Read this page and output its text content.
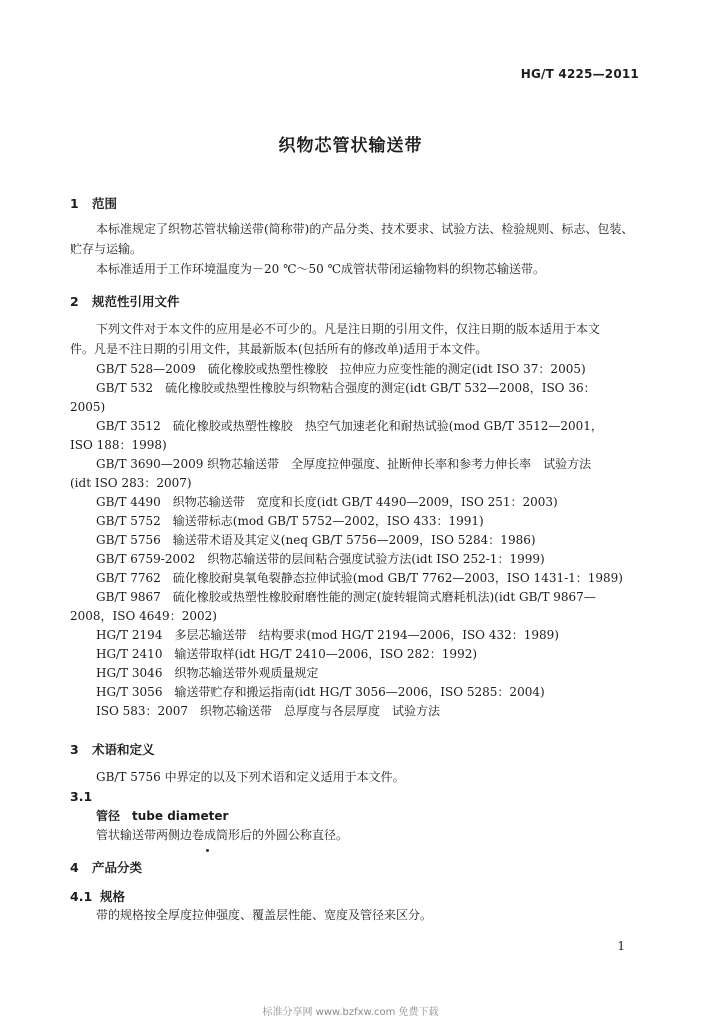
HG/T 4225—2011
织物芯管状输送带
1 范围
本标准规定了织物芯管状输送带(简称带)的产品分类、技术要求、试验方法、检验规则、标志、包装、
贮存与运输。
本标准适用于工作环境温度为－20 ℃～50 ℃成管状带闭运输物料的织物芯输送带。
2 规范性引用文件
下列文件对于本文件的应用是必不可少的。凡是注日期的引用文件，仅注日期的版本适用于本文
件。凡是不注日期的引用文件，其最新版本(包括所有的修改单)适用于本文件。
GB/T 528—2009　硫化橡胶或热塑性橡胶　拉伸应力应变性能的测定(idt ISO 37：2005)
GB/T 532　硫化橡胶或热塑性橡胶与织物粘合强度的测定(idt GB/T 532—2008，ISO 36：
2005)
GB/T 3512　硫化橡胶或热塑性橡胶　热空气加速老化和耐热试验(mod GB/T 3512—2001，
ISO 188：1998)
GB/T 3690—2009 织物芯输送带　全厚度拉伸强度、扯断伸长率和参考力伸长率　试验方法
(idt ISO 283：2007)
GB/T 4490　织物芯输送带　宽度和长度(idt GB/T 4490—2009，ISO 251：2003)
GB/T 5752　输送带标志(mod GB/T 5752—2002，ISO 433：1991)
GB/T 5756　输送带术语及其定义(neq GB/T 5756—2009，ISO 5284：1986)
GB/T 6759-2002　织物芯输送带的层间粘合强度试验方法(idt ISO 252-1：1999)
GB/T 7762　硫化橡胶耐臭氧龟裂静态拉伸试验(mod GB/T 7762—2003，ISO 1431-1：1989)
GB/T 9867　硫化橡胶或热塑性橡胶耐磨性能的测定(旋转辊筒式磨耗机法)(idt GB/T 9867—
2008，ISO 4649：2002)
HG/T 2194　多层芯输送带　结构要求(mod HG/T 2194—2006，ISO 432：1989)
HG/T 2410　输送带取样(idt HG/T 2410—2006，ISO 282：1992)
HG/T 3046　织物芯输送带外观质量规定
HG/T 3056　输送带贮存和搬运指南(idt HG/T 3056—2006，ISO 5285：2004)
ISO 583：2007　织物芯输送带　总厚度与各层厚度　试验方法
3 术语和定义
GB/T 5756 中界定的以及下列术语和定义适用于本文件。
3.1
管径 tube diameter
管状输送带两侧边卷成筒形后的外圆公称直径。
4 产品分类
4.1 规格
带的规格按全厚度拉伸强度、覆盖层性能、宽度及管径来区分。
1
标准分享网 www.bzfxw.com 免费下载
